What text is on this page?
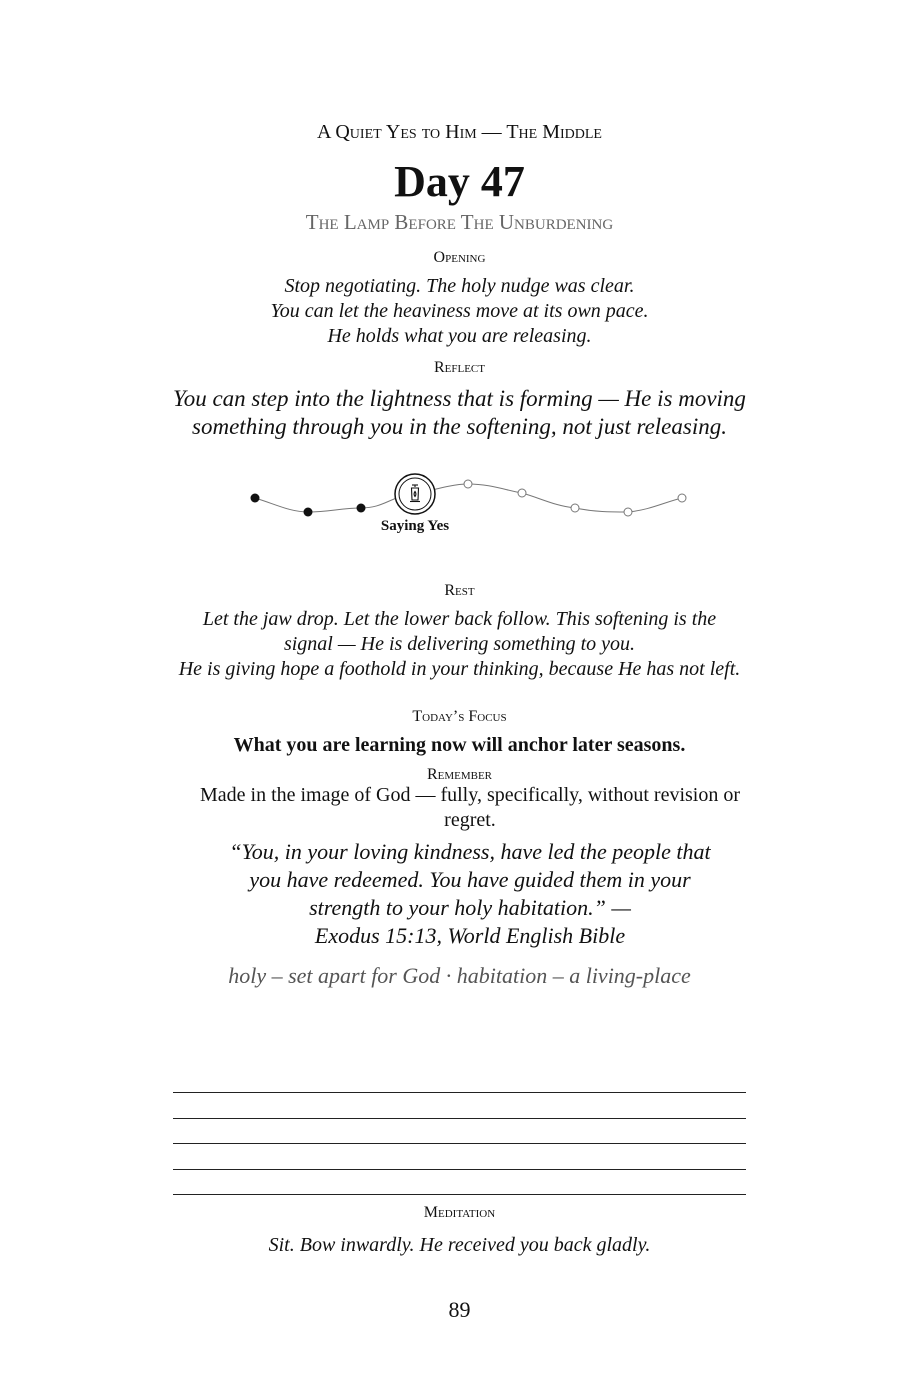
A Quiet Yes to Him — The Middle
Day 47
The Lamp Before The Unburdening
Opening
Stop negotiating. The holy nudge was clear.
You can let the heaviness move at its own pace.
He holds what you are releasing.
Reflect
You can step into the lightness that is forming — He is moving
something through you in the softening, not just releasing.
Saying Yes
Rest
Let the jaw drop. Let the lower back follow. This softening is the
signal — He is delivering something to you.
He is giving hope a foothold in your thinking, because He has not left.
Today’s Focus
What you are learning now will anchor later seasons.
Remember
Made in the image of God — fully, specifically, without revision or regret.
“You, in your loving kindness, have led the people that
you have redeemed. You have guided them in your
strength to your holy habitation.” —
Exodus 15:13, World English Bible
holy – set apart for God · habitation – a living-place
Meditation
Sit. Bow inwardly. He received you back gladly.
89
